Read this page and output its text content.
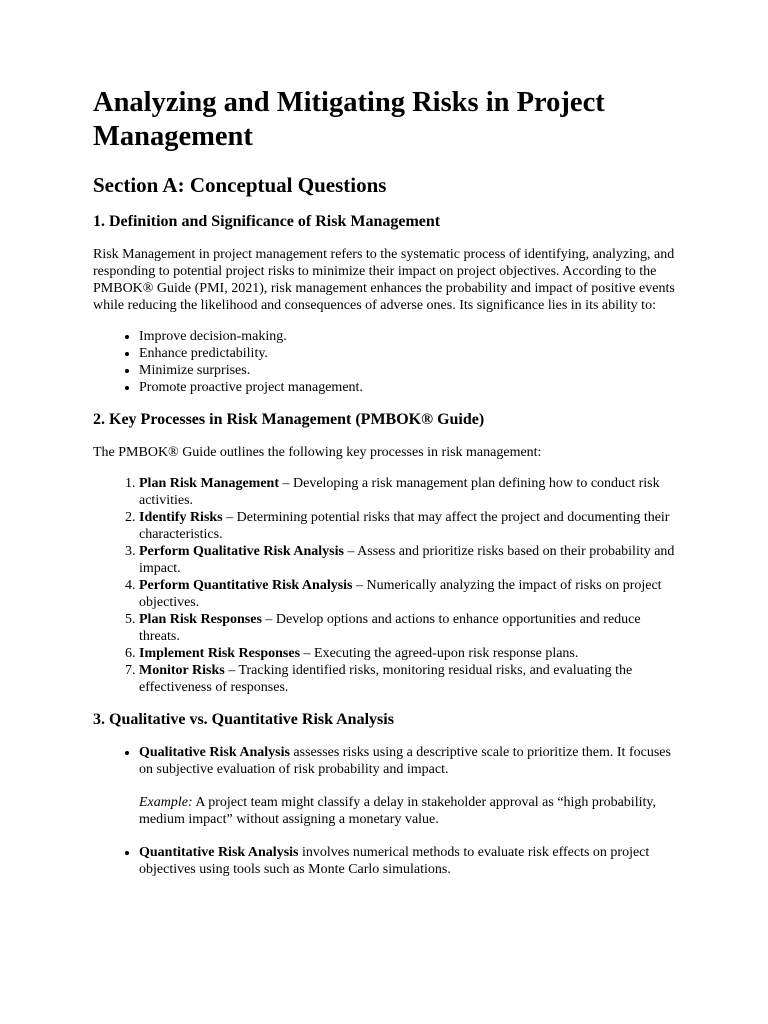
Analyzing and Mitigating Risks in Project Management
Section A: Conceptual Questions
1. Definition and Significance of Risk Management

Risk Management in project management refers to the systematic process of identifying, analyzing, and responding to potential project risks to minimize their impact on project objectives. According to the PMBOK® Guide (PMI, 2021), risk management enhances the probability and impact of positive events while reducing the likelihood and consequences of adverse ones. Its significance lies in its ability to:

• Improve decision-making.
• Enhance predictability.
• Minimize surprises.
• Promote proactive project management.
2. Key Processes in Risk Management (PMBOK® Guide)

The PMBOK® Guide outlines the following key processes in risk management:

1. Plan Risk Management – Developing a risk management plan defining how to conduct risk activities.
2. Identify Risks – Determining potential risks that may affect the project and documenting their characteristics.
3. Perform Qualitative Risk Analysis – Assess and prioritize risks based on their probability and impact.
4. Perform Quantitative Risk Analysis – Numerically analyzing the impact of risks on project objectives.
5. Plan Risk Responses – Develop options and actions to enhance opportunities and reduce threats.
6. Implement Risk Responses – Executing the agreed-upon risk response plans.
7. Monitor Risks – Tracking identified risks, monitoring residual risks, and evaluating the effectiveness of responses.
3. Qualitative vs. Quantitative Risk Analysis
• Qualitative Risk Analysis assesses risks using a descriptive scale to prioritize them. It focuses on subjective evaluation of risk probability and impact.
Example: A project team might classify a delay in stakeholder approval as “high probability, medium impact” without assigning a monetary value.
• Quantitative Risk Analysis involves numerical methods to evaluate risk effects on project objectives using tools such as Monte Carlo simulations.
